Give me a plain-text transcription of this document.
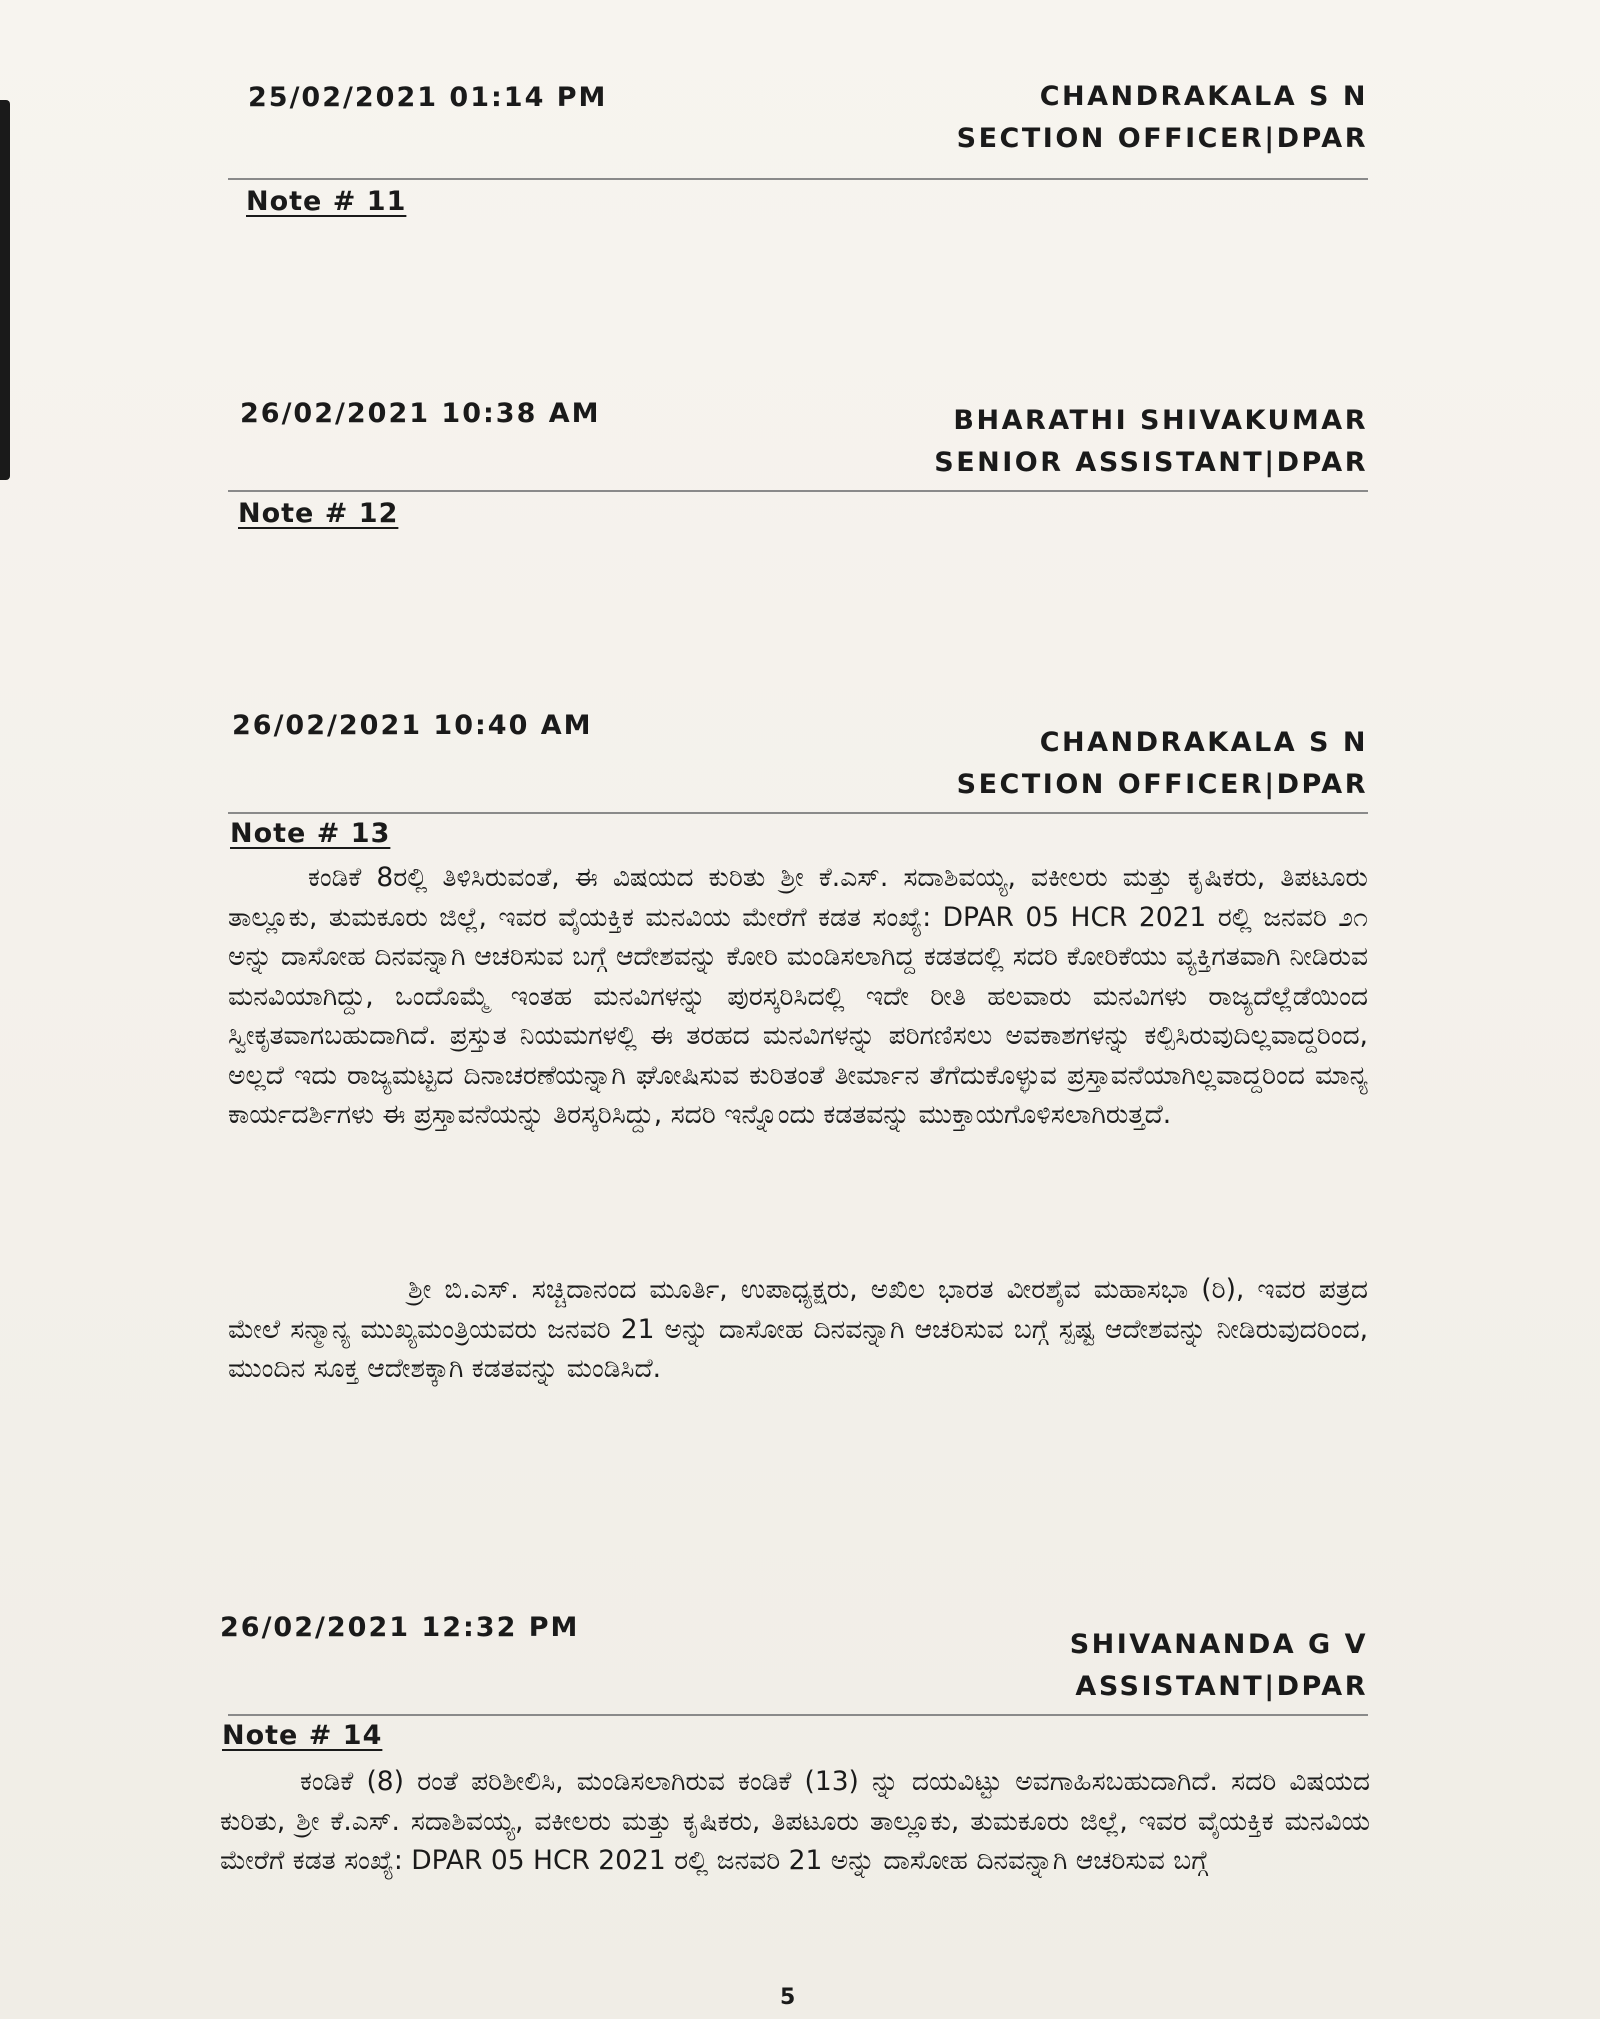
25/02/2021 01:14 PM	CHANDRAKALA S N
SECTION OFFICER|DPAR
Note # 11
26/02/2021 10:38 AM	BHARATHI SHIVAKUMAR
SENIOR ASSISTANT|DPAR
Note # 12
26/02/2021 10:40 AM
CHANDRAKALA S N
SECTION OFFICER|DPAR
Note # 13
ಕಂಡಿಕೆ 8ರಲ್ಲಿ ತಿಳಿಸಿರುವಂತೆ, ಈ ವಿಷಯದ ಕುರಿತು ಶ್ರೀ ಕೆ.ಎಸ್. ಸದಾಶಿವಯ್ಯ, ವಕೀಲರು ಮತ್ತು ಕೃಷಿಕರು, ತಿಪಟೂರು ತಾಲ್ಲೂಕು, ತುಮಕೂರು ಜಿಲ್ಲೆ, ಇವರ ವೈಯಕ್ತಿಕ ಮನವಿಯ ಮೇರೆಗೆ ಕಡತ ಸಂಖ್ಯೆ: DPAR 05 HCR 2021 ರಲ್ಲಿ ಜನವರಿ ೨೧ ಅನ್ನು ದಾಸೋಹ ದಿನವನ್ನಾಗಿ ಆಚರಿಸುವ ಬಗ್ಗೆ ಆದೇಶವನ್ನು ಕೋರಿ ಮಂಡಿಸಲಾಗಿದ್ದ ಕಡತದಲ್ಲಿ ಸದರಿ ಕೋರಿಕೆಯು ವ್ಯಕ್ತಿಗತವಾಗಿ ನೀಡಿರುವ ಮನವಿಯಾಗಿದ್ದು, ಒಂದೊಮ್ಮೆ ಇಂತಹ ಮನವಿಗಳನ್ನು ಪುರಸ್ಕರಿಸಿದಲ್ಲಿ ಇದೇ ರೀತಿ ಹಲವಾರು ಮನವಿಗಳು ರಾಜ್ಯದೆಲ್ಲೆಡೆಯಿಂದ ಸ್ವೀಕೃತವಾಗಬಹುದಾಗಿದೆ. ಪ್ರಸ್ತುತ ನಿಯಮಗಳಲ್ಲಿ ಈ ತರಹದ ಮನವಿಗಳನ್ನು ಪರಿಗಣಿಸಲು ಅವಕಾಶಗಳನ್ನು ಕಲ್ಪಿಸಿರುವುದಿಲ್ಲವಾದ್ದರಿಂದ, ಅಲ್ಲದೆ ಇದು ರಾಜ್ಯಮಟ್ಟದ ದಿನಾಚರಣೆಯನ್ನಾಗಿ ಘೋಷಿಸುವ ಕುರಿತಂತೆ ತೀರ್ಮಾನ ತೆಗೆದುಕೊಳ್ಳುವ ಪ್ರಸ್ತಾವನೆಯಾಗಿಲ್ಲವಾದ್ದರಿಂದ ಮಾನ್ಯ ಕಾರ್ಯದರ್ಶಿಗಳು ಈ ಪ್ರಸ್ತಾವನೆಯನ್ನು ತಿರಸ್ಕರಿಸಿದ್ದು, ಸದರಿ ಇನ್ನೊಂದು ಕಡತವನ್ನು ಮುಕ್ತಾಯಗೊಳಿಸಲಾಗಿರುತ್ತದೆ.
ಶ್ರೀ ಬಿ.ಎಸ್. ಸಚ್ಚಿದಾನಂದ ಮೂರ್ತಿ, ಉಪಾಧ್ಯಕ್ಷರು, ಅಖಿಲ ಭಾರತ ವೀರಶೈವ ಮಹಾಸಭಾ (ರಿ), ಇವರ ಪತ್ರದ ಮೇಲೆ ಸನ್ಮಾನ್ಯ ಮುಖ್ಯಮಂತ್ರಿಯವರು ಜನವರಿ 21 ಅನ್ನು ದಾಸೋಹ ದಿನವನ್ನಾಗಿ ಆಚರಿಸುವ ಬಗ್ಗೆ ಸ್ಪಷ್ಟ ಆದೇಶವನ್ನು ನೀಡಿರುವುದರಿಂದ, ಮುಂದಿನ ಸೂಕ್ತ ಆದೇಶಕ್ಕಾಗಿ ಕಡತವನ್ನು ಮಂಡಿಸಿದೆ.
26/02/2021 12:32 PM
SHIVANANDA G V
ASSISTANT|DPAR
Note # 14
ಕಂಡಿಕೆ (8) ರಂತೆ ಪರಿಶೀಲಿಸಿ, ಮಂಡಿಸಲಾಗಿರುವ ಕಂಡಿಕೆ (13) ನ್ನು ದಯವಿಟ್ಟು ಅವಗಾಹಿಸಬಹುದಾಗಿದೆ. ಸದರಿ ವಿಷಯದ ಕುರಿತು, ಶ್ರೀ ಕೆ.ಎಸ್. ಸದಾಶಿವಯ್ಯ, ವಕೀಲರು ಮತ್ತು ಕೃಷಿಕರು, ತಿಪಟೂರು ತಾಲ್ಲೂಕು, ತುಮಕೂರು ಜಿಲ್ಲೆ, ಇವರ ವೈಯಕ್ತಿಕ ಮನವಿಯ ಮೇರೆಗೆ ಕಡತ ಸಂಖ್ಯೆ: DPAR 05 HCR 2021 ರಲ್ಲಿ ಜನವರಿ 21 ಅನ್ನು ದಾಸೋಹ ದಿನವನ್ನಾಗಿ ಆಚರಿಸುವ ಬಗ್ಗೆ
5
